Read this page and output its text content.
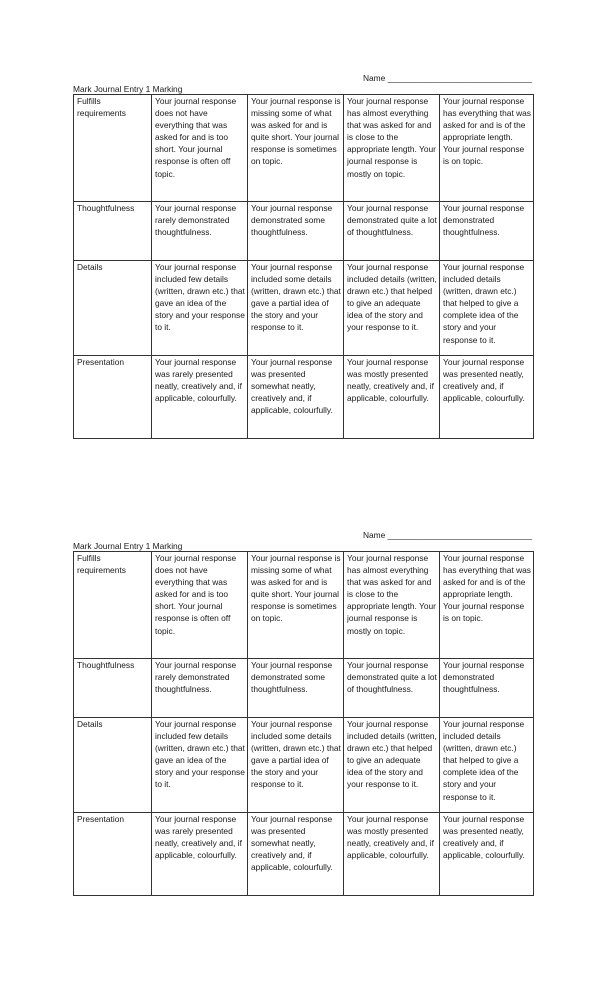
Name _______________________________
Mark Journal Entry 1 Marking
Fulfills requirements	Your journal response does not have everything that was asked for and is too short. Your journal response is often off topic.	Your journal response is missing some of what was asked for and is quite short. Your journal response is sometimes on topic.	Your journal response has almost everything that was asked for and is close to the appropriate length. Your journal response is mostly on topic.	Your journal response has everything that was asked for and is of the appropriate length. Your journal response is on topic.
Thoughtfulness	Your journal response rarely demonstrated thoughtfulness.	Your journal response demonstrated some thoughtfulness.	Your journal response demonstrated quite a lot of thoughtfulness.	Your journal response demonstrated thoughtfulness.
Details	Your journal response included few details (written, drawn etc.) that gave an idea of the story and your response to it.	Your journal response included some details (written, drawn etc.) that gave a partial idea of the story and your response to it.	Your journal response included details (written, drawn etc.) that helped to give an adequate idea of the story and your response to it.	Your journal response included details (written, drawn etc.) that helped to give a complete idea of the story and your response to it.
Presentation	Your journal response was rarely presented neatly, creatively and, if applicable, colourfully.	Your journal response was presented somewhat neatly, creatively and, if applicable, colourfully.	Your journal response was mostly presented neatly, creatively and, if applicable, colourfully.	Your journal response was presented neatly, creatively and, if applicable, colourfully.
Name _______________________________
Mark Journal Entry 1 Marking
Fulfills requirements	Your journal response does not have everything that was asked for and is too short. Your journal response is often off topic.	Your journal response is missing some of what was asked for and is quite short. Your journal response is sometimes on topic.	Your journal response has almost everything that was asked for and is close to the appropriate length. Your journal response is mostly on topic.	Your journal response has everything that was asked for and is of the appropriate length. Your journal response is on topic.
Thoughtfulness	Your journal response rarely demonstrated thoughtfulness.	Your journal response demonstrated some thoughtfulness.	Your journal response demonstrated quite a lot of thoughtfulness.	Your journal response demonstrated thoughtfulness.
Details	Your journal response included few details (written, drawn etc.) that gave an idea of the story and your response to it.	Your journal response included some details (written, drawn etc.) that gave a partial idea of the story and your response to it.	Your journal response included details (written, drawn etc.) that helped to give an adequate idea of the story and your response to it.	Your journal response included details (written, drawn etc.) that helped to give a complete idea of the story and your response to it.
Presentation	Your journal response was rarely presented neatly, creatively and, if applicable, colourfully.	Your journal response was presented somewhat neatly, creatively and, if applicable, colourfully.	Your journal response was mostly presented neatly, creatively and, if applicable, colourfully.	Your journal response was presented neatly, creatively and, if applicable, colourfully.
